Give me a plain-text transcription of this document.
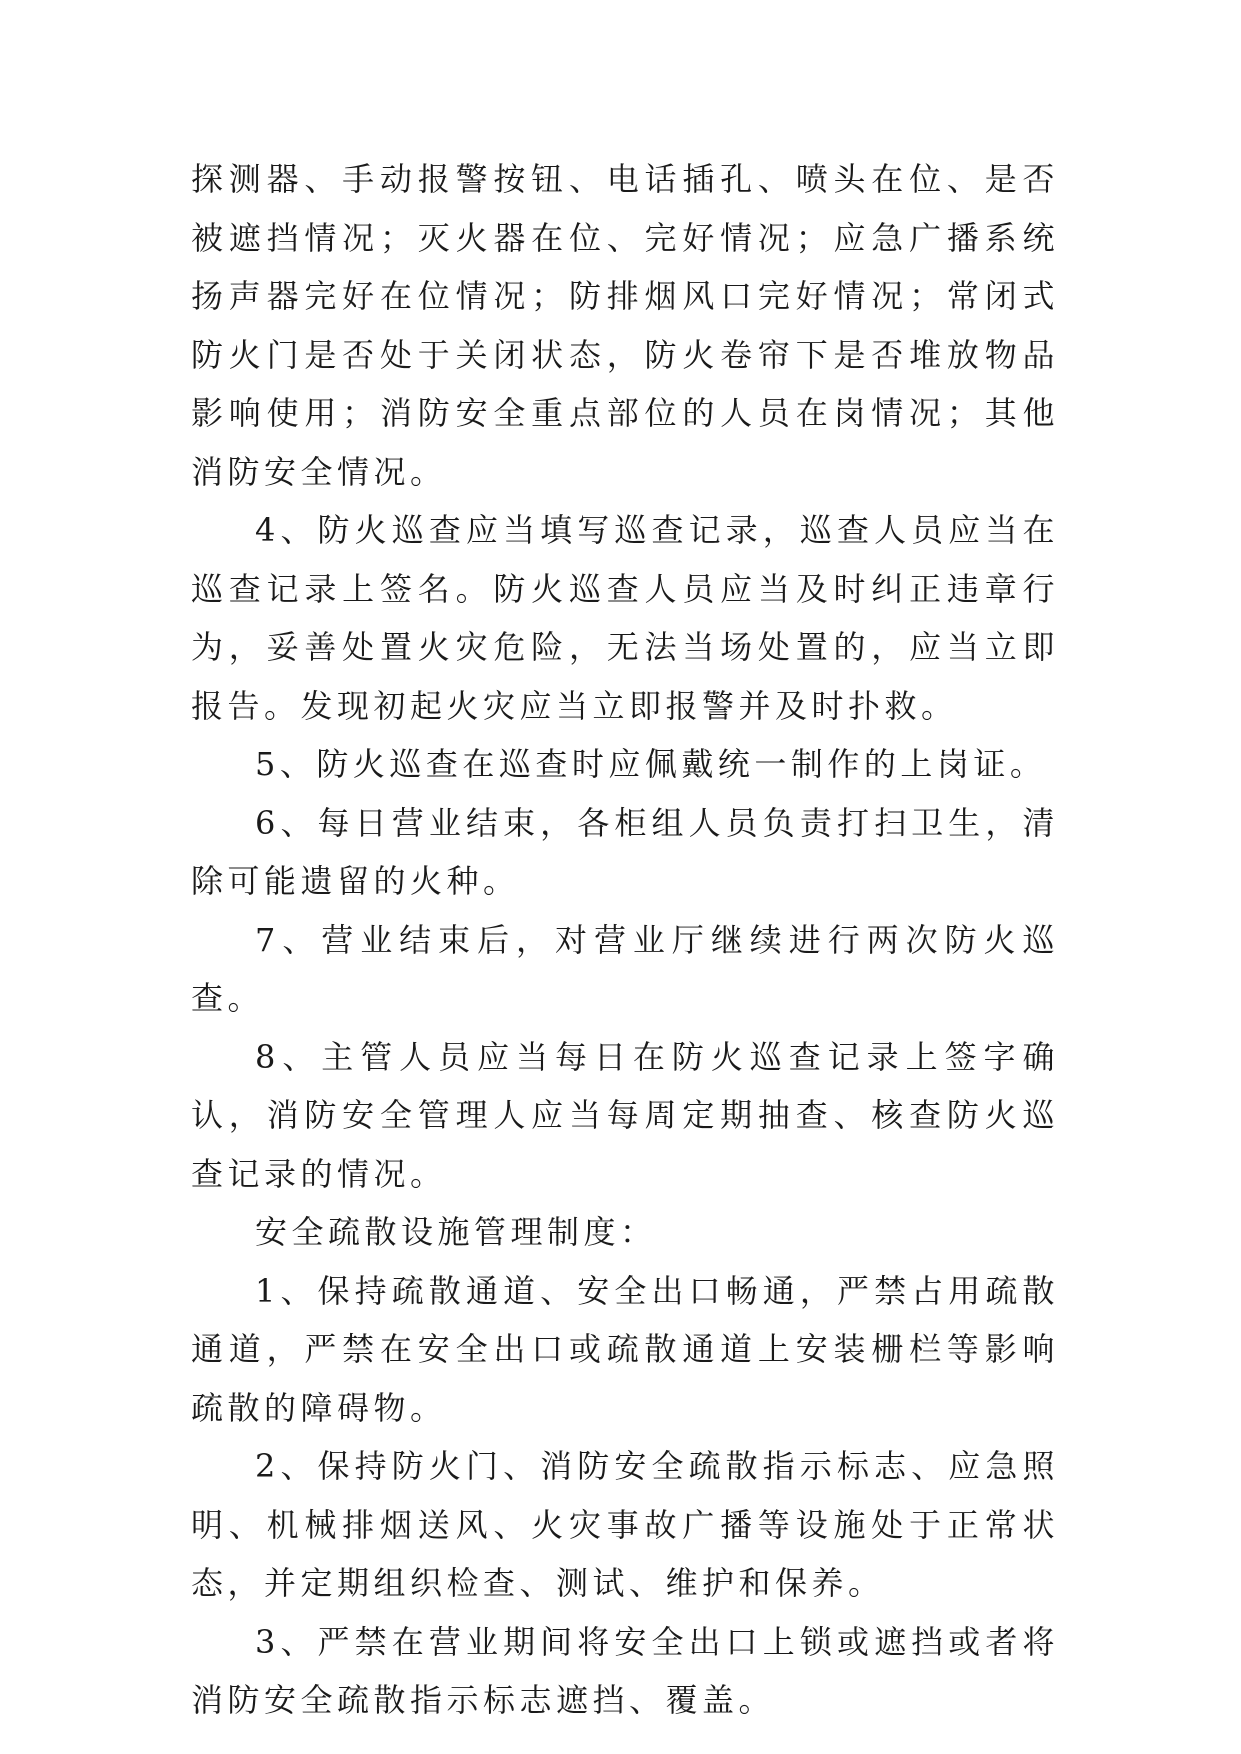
探测器、手动报警按钮、电话插孔、喷头在位、是否被遮挡情况；灭火器在位、完好情况；应急广播系统扬声器完好在位情况；防排烟风口完好情况；常闭式防火门是否处于关闭状态，防火卷帘下是否堆放物品影响使用；消防安全重点部位的人员在岗情况；其他消防安全情况。

4、防火巡查应当填写巡查记录，巡查人员应当在巡查记录上签名。防火巡查人员应当及时纠正违章行为，妥善处置火灾危险，无法当场处置的，应当立即报告。发现初起火灾应当立即报警并及时扑救。

5、防火巡查在巡查时应佩戴统一制作的上岗证。

6、每日营业结束，各柜组人员负责打扫卫生，清除可能遗留的火种。

7、营业结束后，对营业厅继续进行两次防火巡查。

8、主管人员应当每日在防火巡查记录上签字确认，消防安全管理人应当每周定期抽查、核查防火巡查记录的情况。

安全疏散设施管理制度：

1、保持疏散通道、安全出口畅通，严禁占用疏散通道，严禁在安全出口或疏散通道上安装栅栏等影响疏散的障碍物。

2、保持防火门、消防安全疏散指示标志、应急照明、机械排烟送风、火灾事故广播等设施处于正常状态，并定期组织检查、测试、维护和保养。

3、严禁在营业期间将安全出口上锁或遮挡或者将消防安全疏散指示标志遮挡、覆盖。
